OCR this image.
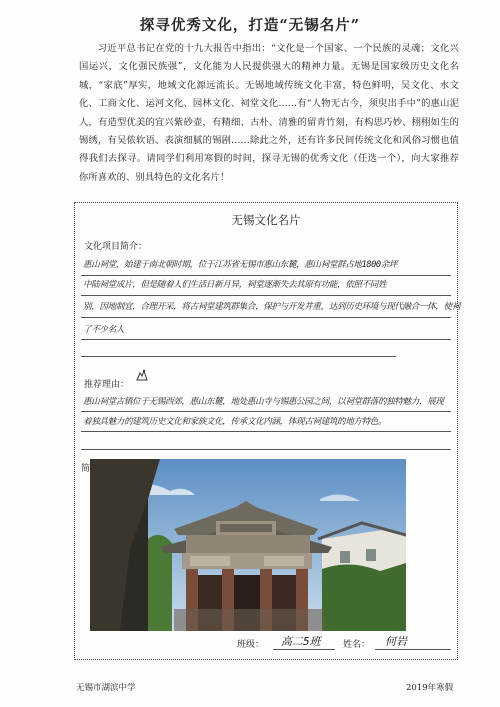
探寻优秀文化，打造“无锡名片”
习近平总书记在党的十九大报告中指出：“文化是一个国家、一个民族的灵魂；文化兴国运兴，文化强民族强”，文化能为人民提供强大的精神力量。无锡是国家级历史文化名城，“家底”厚实，地域文化源远流长。无锡地域传统文化丰富，特色鲜明，吴文化、水文化、工商文化、运河文化、园林文化、祠堂文化……有“人物无古今，须臾出手中”的惠山泥人，有造型优美的宜兴紫砂壶，有精细、古朴、清雅的留青竹刻，有构思巧妙、栩栩如生的锡绣，有吴侬软语、表演细腻的锡剧……除此之外，还有许多民间传统文化和风俗习惯也值得我们去探寻。请同学们利用寒假的时间，探寻无锡的优秀文化（任选一个），向大家推荐你所喜欢的、别具特色的文化名片！
无锡文化名片
文化项目简介：
惠山祠堂，始建于南北朝时期，位于江苏省无锡市惠山东麓，惠山祠堂群占地1800余坪
中陆祠堂成片，但是随着人们生活日新月异，祠堂逐渐失去其原有功能，依照不同姓
别，因地制宜，合理开采，将古祠堂建筑群集合，保护与开发并重，达到历史环境与现代融合一体，使祠
了不少名人
推荐理由：
惠山祠堂古镇位于无锡西郊，惠山东麓，地处惠山寺与锡惠公园之间，以祠堂群落的独特魅力，展现
着独具魅力的建筑历史文化和家族文化，传承文化内涵，体现古祠建筑的地方特色。
简
班级： 高二5班 姓名： 何岩
无锡市湖滨中学	2019年寒假
